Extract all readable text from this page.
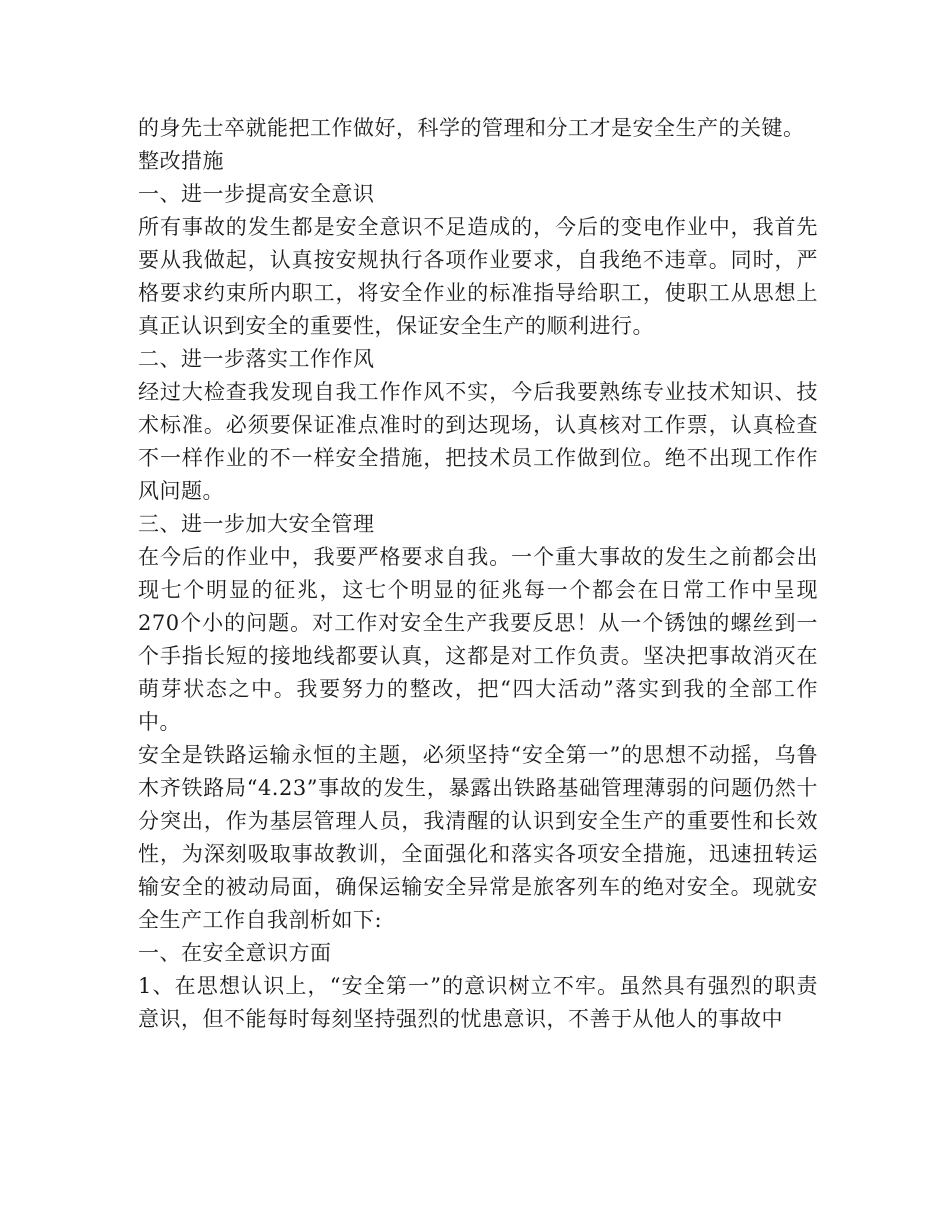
的身先士卒就能把工作做好，科学的管理和分工才是安全生产的关键。

整改措施

一、进一步提高安全意识

所有事故的发生都是安全意识不足造成的，今后的变电作业中，我首先要从我做起，认真按安规执行各项作业要求，自我绝不违章。同时，严格要求约束所内职工，将安全作业的标准指导给职工，使职工从思想上真正认识到安全的重要性，保证安全生产的顺利进行。

二、进一步落实工作作风

经过大检查我发现自我工作作风不实，今后我要熟练专业技术知识、技术标准。必须要保证准点准时的到达现场，认真核对工作票，认真检查不一样作业的不一样安全措施，把技术员工作做到位。绝不出现工作作风问题。

三、进一步加大安全管理

在今后的作业中，我要严格要求自我。一个重大事故的发生之前都会出现七个明显的征兆，这七个明显的征兆每一个都会在日常工作中呈现270个小的问题。对工作对安全生产我要反思！从一个锈蚀的螺丝到一个手指长短的接地线都要认真，这都是对工作负责。坚决把事故消灭在萌芽状态之中。我要努力的整改，把“四大活动”落实到我的全部工作中。

安全是铁路运输永恒的主题，必须坚持“安全第一”的思想不动摇，乌鲁木齐铁路局“4.23”事故的发生，暴露出铁路基础管理薄弱的问题仍然十分突出，作为基层管理人员，我清醒的认识到安全生产的重要性和长效性，为深刻吸取事故教训，全面强化和落实各项安全措施，迅速扭转运输安全的被动局面，确保运输安全异常是旅客列车的绝对安全。现就安全生产工作自我剖析如下:

一、在安全意识方面

1、在思想认识上，“安全第一”的意识树立不牢。虽然具有强烈的职责意识，但不能每时每刻坚持强烈的忧患意识，不善于从他人的事故中
